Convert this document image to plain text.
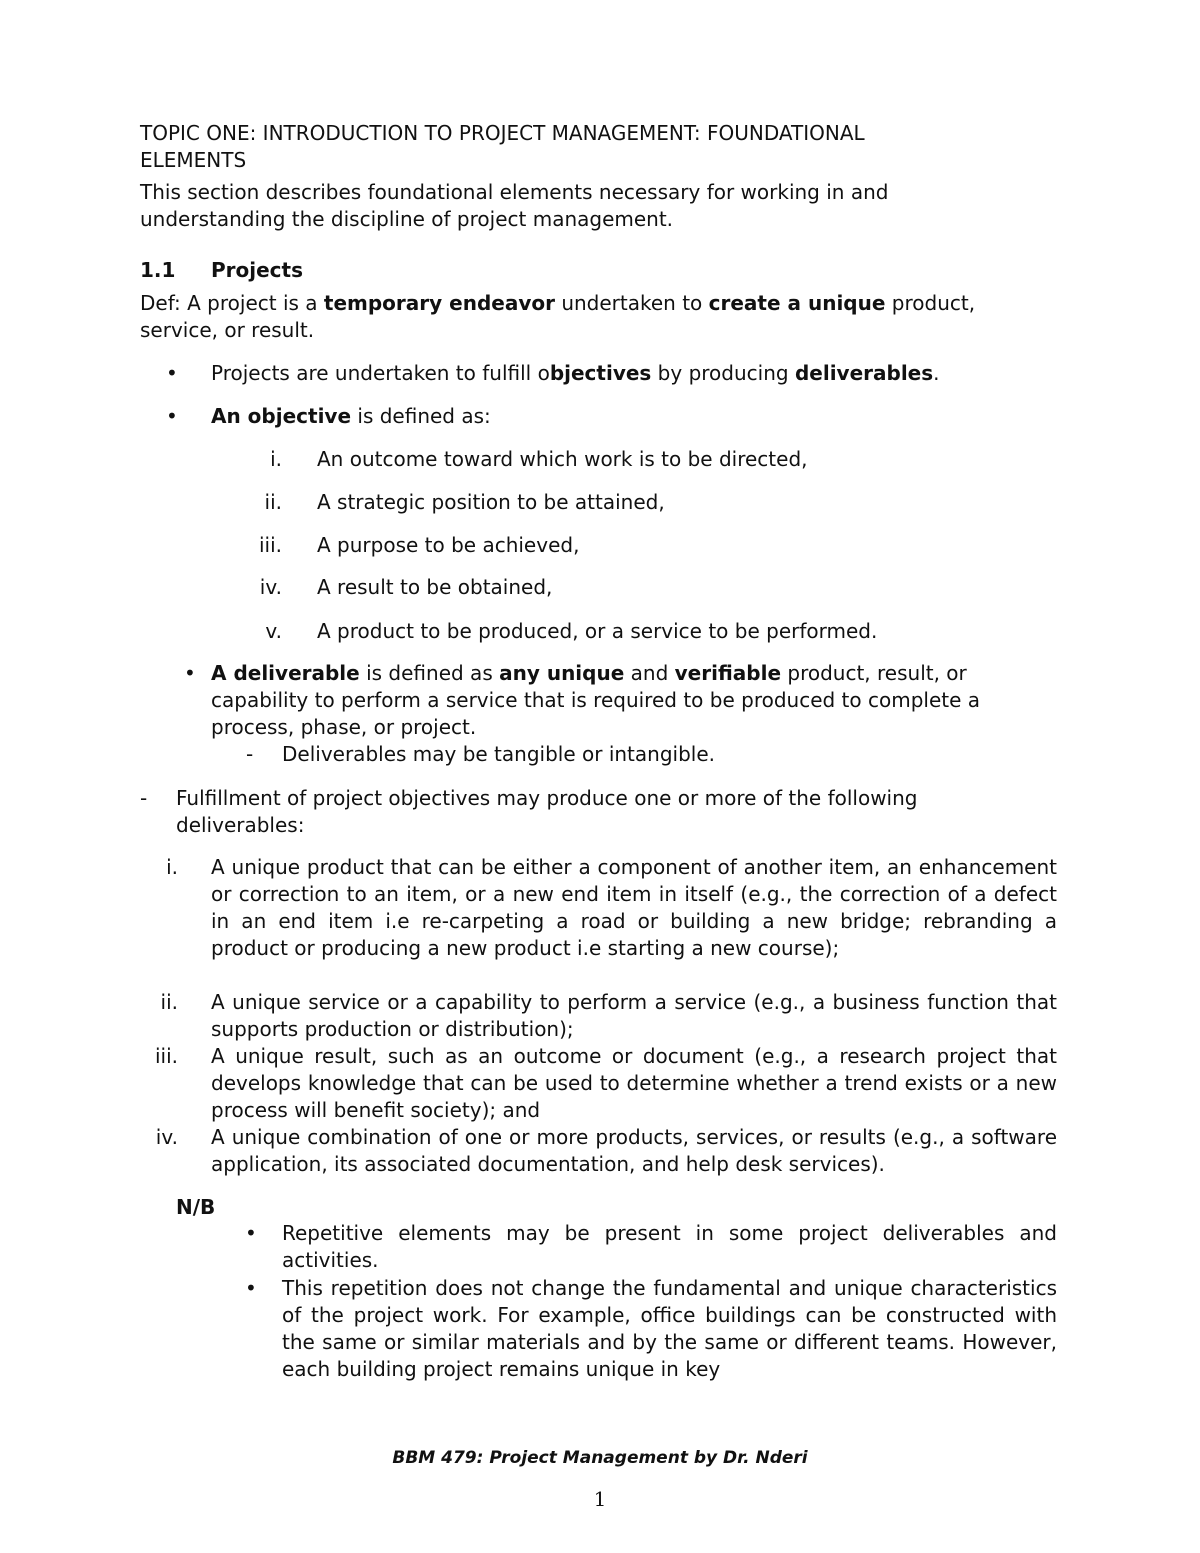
TOPIC ONE: INTRODUCTION TO PROJECT MANAGEMENT: FOUNDATIONAL
ELEMENTS
This section describes foundational elements necessary for working in and
understanding the discipline of project management.
1.1 Projects
Def: A project is a temporary endeavor undertaken to create a unique product,
service, or result.
• Projects are undertaken to fulfill objectives by producing deliverables.
• An objective is defined as:
i. An outcome toward which work is to be directed,
ii. A strategic position to be attained,
iii. A purpose to be achieved,
iv. A result to be obtained,
v. A product to be produced, or a service to be performed.
• A deliverable is defined as any unique and verifiable product, result, or
capability to perform a service that is required to be produced to complete a
process, phase, or project.
- Deliverables may be tangible or intangible.
- Fulfillment of project objectives may produce one or more of the following
deliverables:
i. A unique product that can be either a component of another item, an enhancement or correction to an item, or a new end item in itself (e.g., the correction of a defect in an end item i.e re-carpeting a road or building a new bridge; rebranding a product or producing a new product i.e starting a new course);
ii. A unique service or a capability to perform a service (e.g., a business function that supports production or distribution);
iii. A unique result, such as an outcome or document (e.g., a research project that develops knowledge that can be used to determine whether a trend exists or a new process will benefit society); and
iv. A unique combination of one or more products, services, or results (e.g., a software application, its associated documentation, and help desk services).
N/B
• Repetitive elements may be present in some project deliverables and activities.
• This repetition does not change the fundamental and unique characteristics of the project work. For example, office buildings can be constructed with the same or similar materials and by the same or different teams. However, each building project remains unique in key
BBM 479: Project Management by Dr. Nderi
1
